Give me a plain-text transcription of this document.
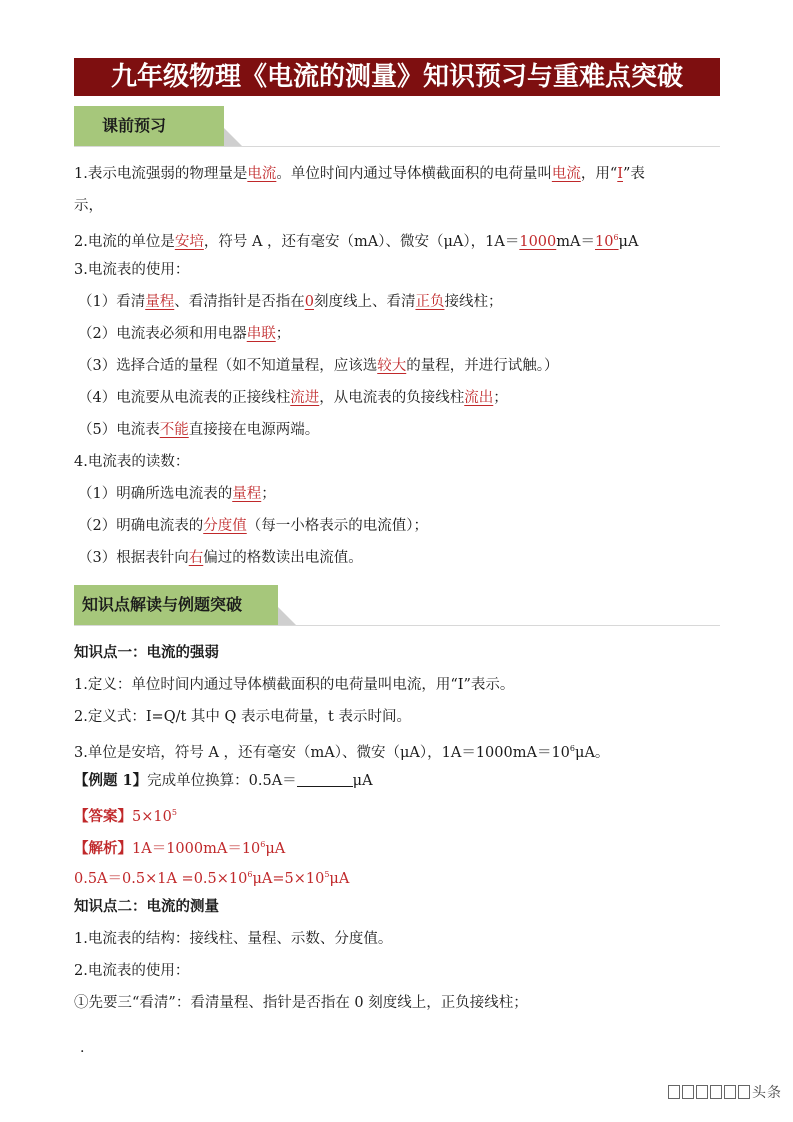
九年级物理《电流的测量》知识预习与重难点突破
课前预习
1.表示电流强弱的物理量是电流。单位时间内通过导体横截面积的电荷量叫电流，用“I”表
示，
2.电流的单位是安培，符号 A ，还有毫安（mA）、微安（μA），$1A=1000mA=10^6\mu A$
3.电流表的使用：
（1）看清量程、看清指针是否指在0刻度线上、看清正负接线柱；
（2）电流表必须和用电器串联；
（3）选择合适的量程（如不知道量程，应该选较大的量程，并进行试触。）
（4）电流要从电流表的正接线柱流进，从电流表的负接线柱流出；
（5）电流表不能直接接在电源两端。
4.电流表的读数：
（1）明确所选电流表的量程；
（2）明确电流表的分度值（每一小格表示的电流值）；
（3）根据表针向右偏过的格数读出电流值。
知识点解读与例题突破
知识点一：电流的强弱
1.定义：单位时间内通过导体横截面积的电荷量叫电流，用“I”表示。
2.定义式：I=Q/t 其中 Q 表示电荷量，t 表示时间。
3.单位是安培，符号 A ，还有毫安（mA）、微安（μA），$1A=1000mA=10^6\mu A$。
【例题 1】完成单位换算：0.5A＝	μA
【答案】$5\times 10^5$
【解析】$1A=1000mA=10^6\mu A$
$0.5A=0.5\times 1A =0.5\times 10^6\mu A=5\times 10^5\mu A$
知识点二：电流的测量
1.电流表的结构：接线柱、量程、示数、分度值。
2.电流表的使用：
①先要三“看清”：看清量程、指针是否指在 0 刻度线上，正负接线柱；
.
头条
